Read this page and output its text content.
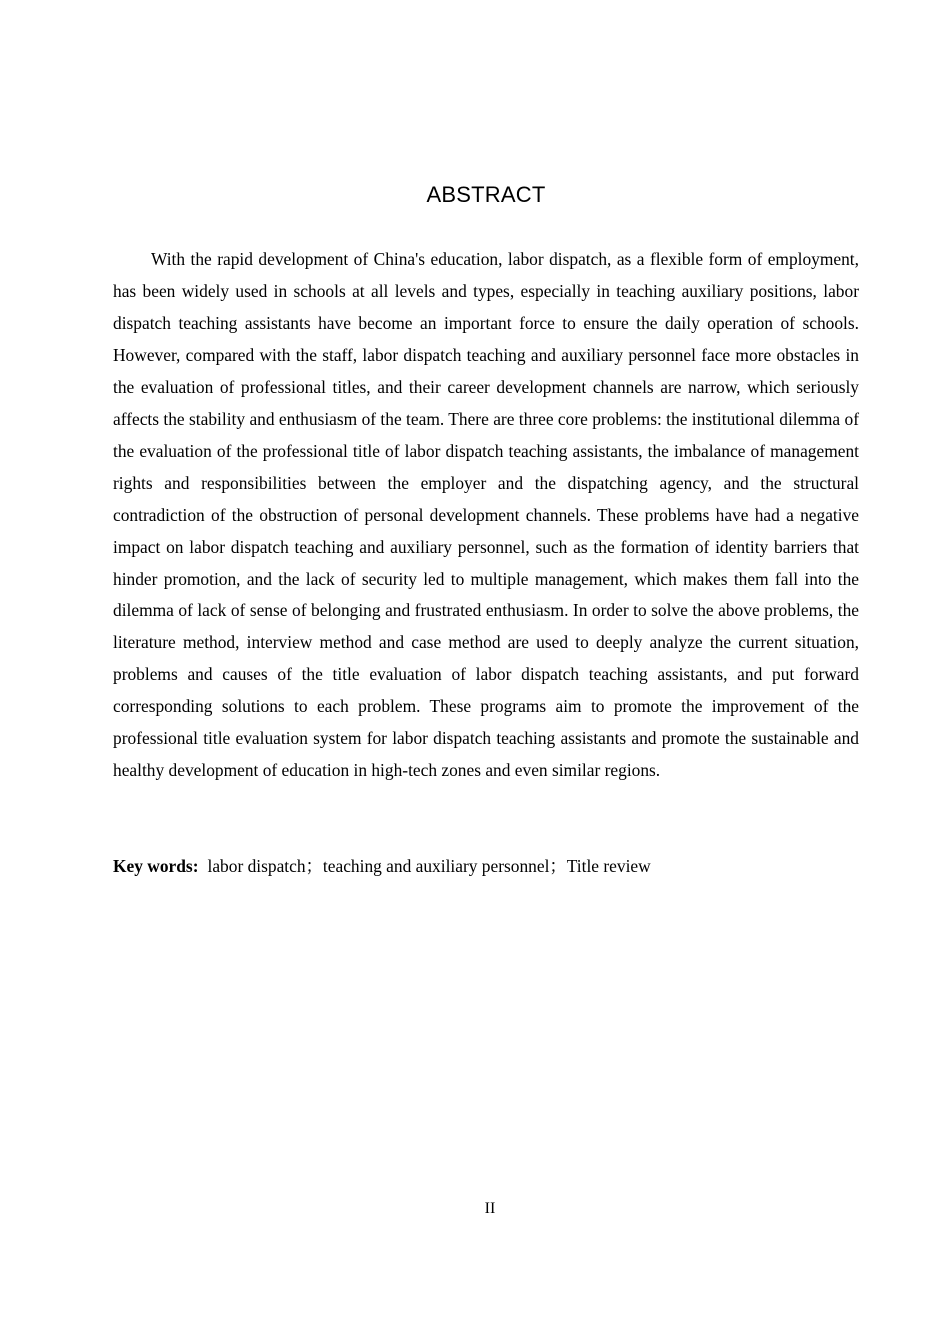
ABSTRACT

With the rapid development of China's education, labor dispatch, as a flexible form of employment, has been widely used in schools at all levels and types, especially in teaching auxiliary positions, labor dispatch teaching assistants have become an important force to ensure the daily operation of schools. However, compared with the staff, labor dispatch teaching and auxiliary personnel face more obstacles in the evaluation of professional titles, and their career development channels are narrow, which seriously affects the stability and enthusiasm of the team. There are three core problems: the institutional dilemma of the evaluation of the professional title of labor dispatch teaching assistants, the imbalance of management rights and responsibilities between the employer and the dispatching agency, and the structural contradiction of the obstruction of personal development channels. These problems have had a negative impact on labor dispatch teaching and auxiliary personnel, such as the formation of identity barriers that hinder promotion, and the lack of security led to multiple management, which makes them fall into the dilemma of lack of sense of belonging and frustrated enthusiasm. In order to solve the above problems, the literature method, interview method and case method are used to deeply analyze the current situation, problems and causes of the title evaluation of labor dispatch teaching assistants, and put forward corresponding solutions to each problem. These programs aim to promote the improvement of the professional title evaluation system for labor dispatch teaching assistants and promote the sustainable and healthy development of education in high-tech zones and even similar regions.

Key words: labor dispatch；teaching and auxiliary personnel；Title review
II
